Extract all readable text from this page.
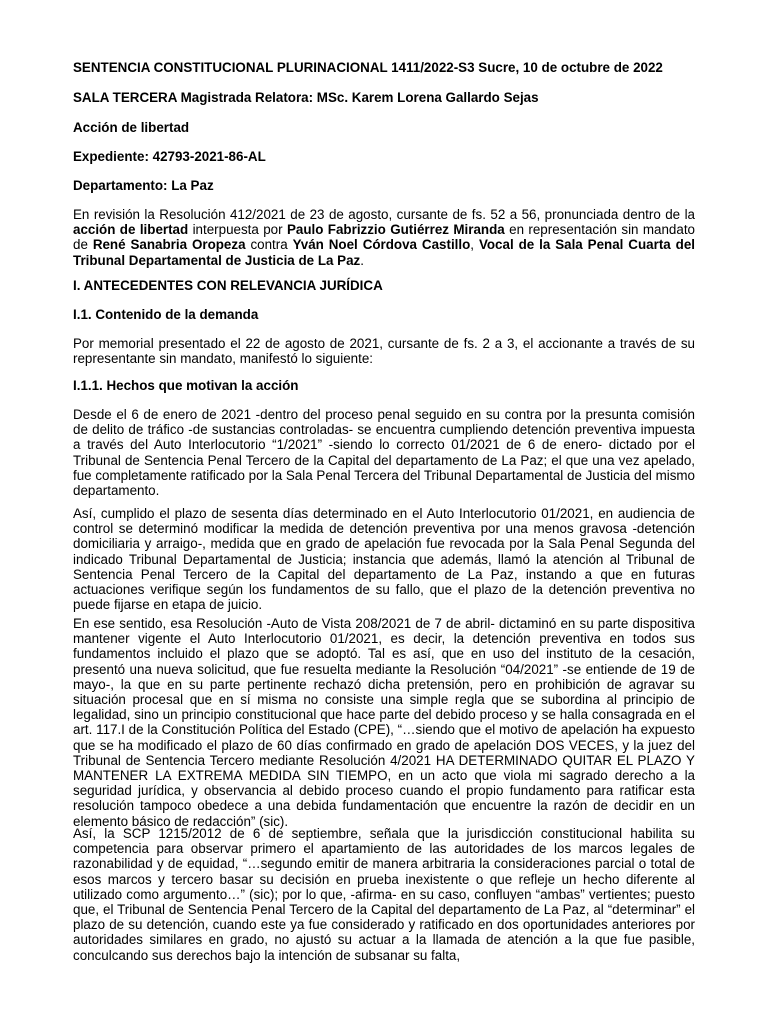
SENTENCIA CONSTITUCIONAL PLURINACIONAL 1411/2022-S3 Sucre, 10 de octubre de 2022

SALA TERCERA Magistrada Relatora: MSc. Karem Lorena Gallardo Sejas

Acción de libertad

Expediente: 42793-2021-86-AL

Departamento: La Paz

En revisión la Resolución 412/2021 de 23 de agosto, cursante de fs. 52 a 56, pronunciada dentro de la acción de libertad interpuesta por Paulo Fabrizzio Gutiérrez Miranda en representación sin mandato de René Sanabria Oropeza contra Yván Noel Córdova Castillo, Vocal de la Sala Penal Cuarta del Tribunal Departamental de Justicia de La Paz.

I. ANTECEDENTES CON RELEVANCIA JURÍDICA

I.1. Contenido de la demanda

Por memorial presentado el 22 de agosto de 2021, cursante de fs. 2 a 3, el accionante a través de su representante sin mandato, manifestó lo siguiente:

I.1.1. Hechos que motivan la acción

Desde el 6 de enero de 2021 -dentro del proceso penal seguido en su contra por la presunta comisión de delito de tráfico -de sustancias controladas- se encuentra cumpliendo detención preventiva impuesta a través del Auto Interlocutorio “1/2021” -siendo lo correcto 01/2021 de 6 de enero- dictado por el Tribunal de Sentencia Penal Tercero de la Capital del departamento de La Paz; el que una vez apelado, fue completamente ratificado por la Sala Penal Tercera del Tribunal Departamental de Justicia del mismo departamento.

Así, cumplido el plazo de sesenta días determinado en el Auto Interlocutorio 01/2021, en audiencia de control se determinó modificar la medida de detención preventiva por una menos gravosa -detención domiciliaria y arraigo-, medida que en grado de apelación fue revocada por la Sala Penal Segunda del indicado Tribunal Departamental de Justicia; instancia que además, llamó la atención al Tribunal de Sentencia Penal Tercero de la Capital del departamento de La Paz, instando a que en futuras actuaciones verifique según los fundamentos de su fallo, que el plazo de la detención preventiva no puede fijarse en etapa de juicio.

En ese sentido, esa Resolución -Auto de Vista 208/2021 de 7 de abril- dictaminó en su parte dispositiva mantener vigente el Auto Interlocutorio 01/2021, es decir, la detención preventiva en todos sus fundamentos incluido el plazo que se adoptó. Tal es así, que en uso del instituto de la cesación, presentó una nueva solicitud, que fue resuelta mediante la Resolución “04/2021” -se entiende de 19 de mayo-, la que en su parte pertinente rechazó dicha pretensión, pero en prohibición de agravar su situación procesal que en sí misma no consiste una simple regla que se subordina al principio de legalidad, sino un principio constitucional que hace parte del debido proceso y se halla consagrada en el art. 117.I de la Constitución Política del Estado (CPE), “…siendo que el motivo de apelación ha expuesto que se ha modificado el plazo de 60 días confirmado en grado de apelación DOS VECES, y la juez del Tribunal de Sentencia Tercero mediante Resolución 4/2021 HA DETERMINADO QUITAR EL PLAZO Y MANTENER LA EXTREMA MEDIDA SIN TIEMPO, en un acto que viola mi sagrado derecho a la seguridad jurídica, y observancia al debido proceso cuando el propio fundamento para ratificar esta resolución tampoco obedece a una debida fundamentación que encuentre la razón de decidir en un elemento básico de redacción” (sic).

Así, la SCP 1215/2012 de 6 de septiembre, señala que la jurisdicción constitucional habilita su competencia para observar primero el apartamiento de las autoridades de los marcos legales de razonabilidad y de equidad, “…segundo emitir de manera arbitraria la consideraciones parcial o total de esos marcos y tercero basar su decisión en prueba inexistente o que refleje un hecho diferente al utilizado como argumento…” (sic); por lo que, -afirma- en su caso, confluyen “ambas” vertientes; puesto que, el Tribunal de Sentencia Penal Tercero de la Capital del departamento de La Paz, al “determinar” el plazo de su detención, cuando este ya fue considerado y ratificado en dos oportunidades anteriores por autoridades similares en grado, no ajustó su actuar a la llamada de atención a la que fue pasible, conculcando sus derechos bajo la intención de subsanar su falta,
